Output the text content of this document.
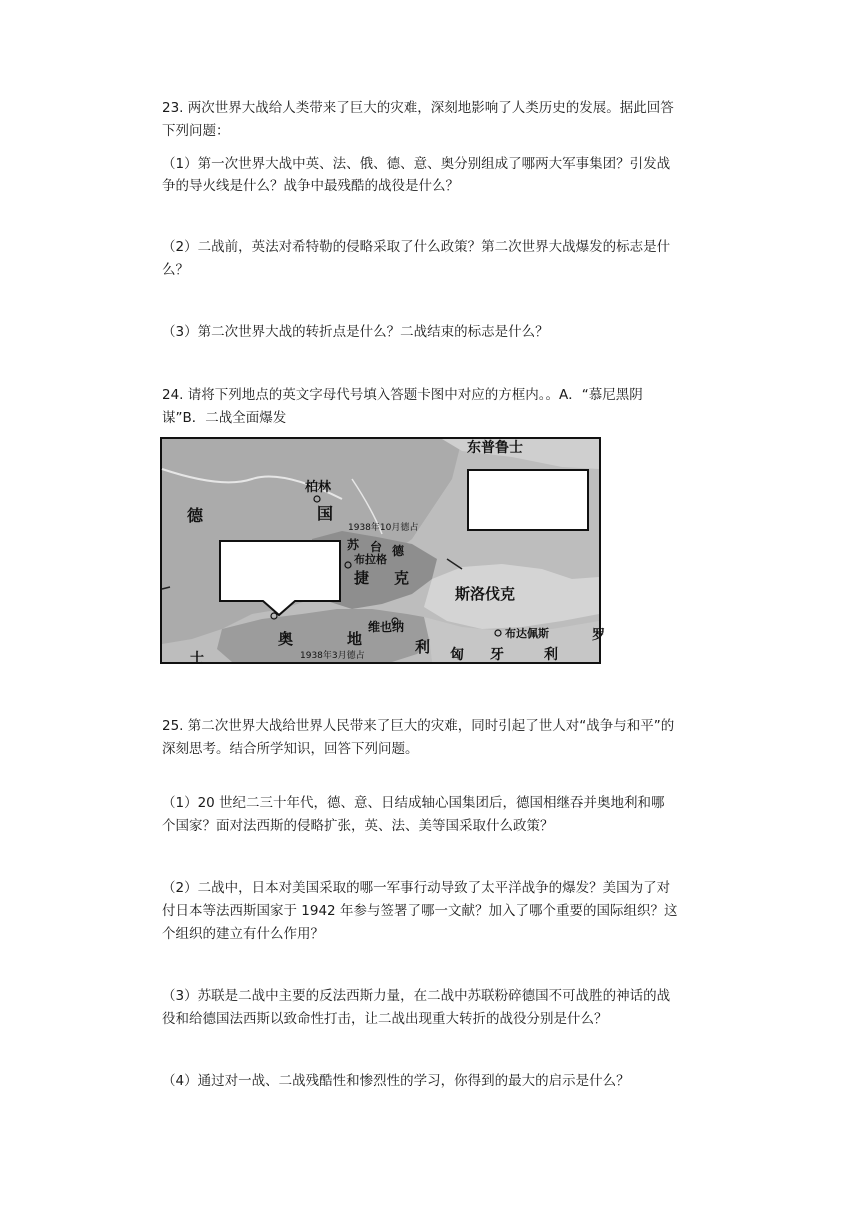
23. 两次世界大战给人类带来了巨大的灾难，深刻地影响了人类历史的发展。据此回答
下列问题：
（1）第一次世界大战中英、法、俄、德、意、奥分别组成了哪两大军事集团？引发战
争的导火线是什么？战争中最残酷的战役是什么？
（2）二战前，英法对希特勒的侵略采取了什么政策？第二次世界大战爆发的标志是什
么？
（3）第二次世界大战的转折点是什么？二战结束的标志是什么？
24. 请将下列地点的英文字母代号填入答题卡图中对应的方框内。。A．“慕尼黑阴
谋”B．二战全面爆发
东普鲁士
柏林
德	国
1938年10月德占
苏 台 德
布拉格
捷 克
斯洛伐克
维也纳	布达佩斯
奥	地	利
1938年3月德占	匈 牙	利
士
罗
25. 第二次世界大战给世界人民带来了巨大的灾难，同时引起了世人对“战争与和平”的
深刻思考。结合所学知识，回答下列问题。
（1）20 世纪二三十年代，德、意、日结成轴心国集团后，德国相继吞并奥地利和哪
个国家？面对法西斯的侵略扩张，英、法、美等国采取什么政策？
（2）二战中，日本对美国采取的哪一军事行动导致了太平洋战争的爆发？美国为了对
付日本等法西斯国家于 1942 年参与签署了哪一文献？加入了哪个重要的国际组织？这
个组织的建立有什么作用？
（3）苏联是二战中主要的反法西斯力量，在二战中苏联粉碎德国不可战胜的神话的战
役和给德国法西斯以致命性打击，让二战出现重大转折的战役分别是什么？
（4）通过对一战、二战残酷性和惨烈性的学习，你得到的最大的启示是什么？
